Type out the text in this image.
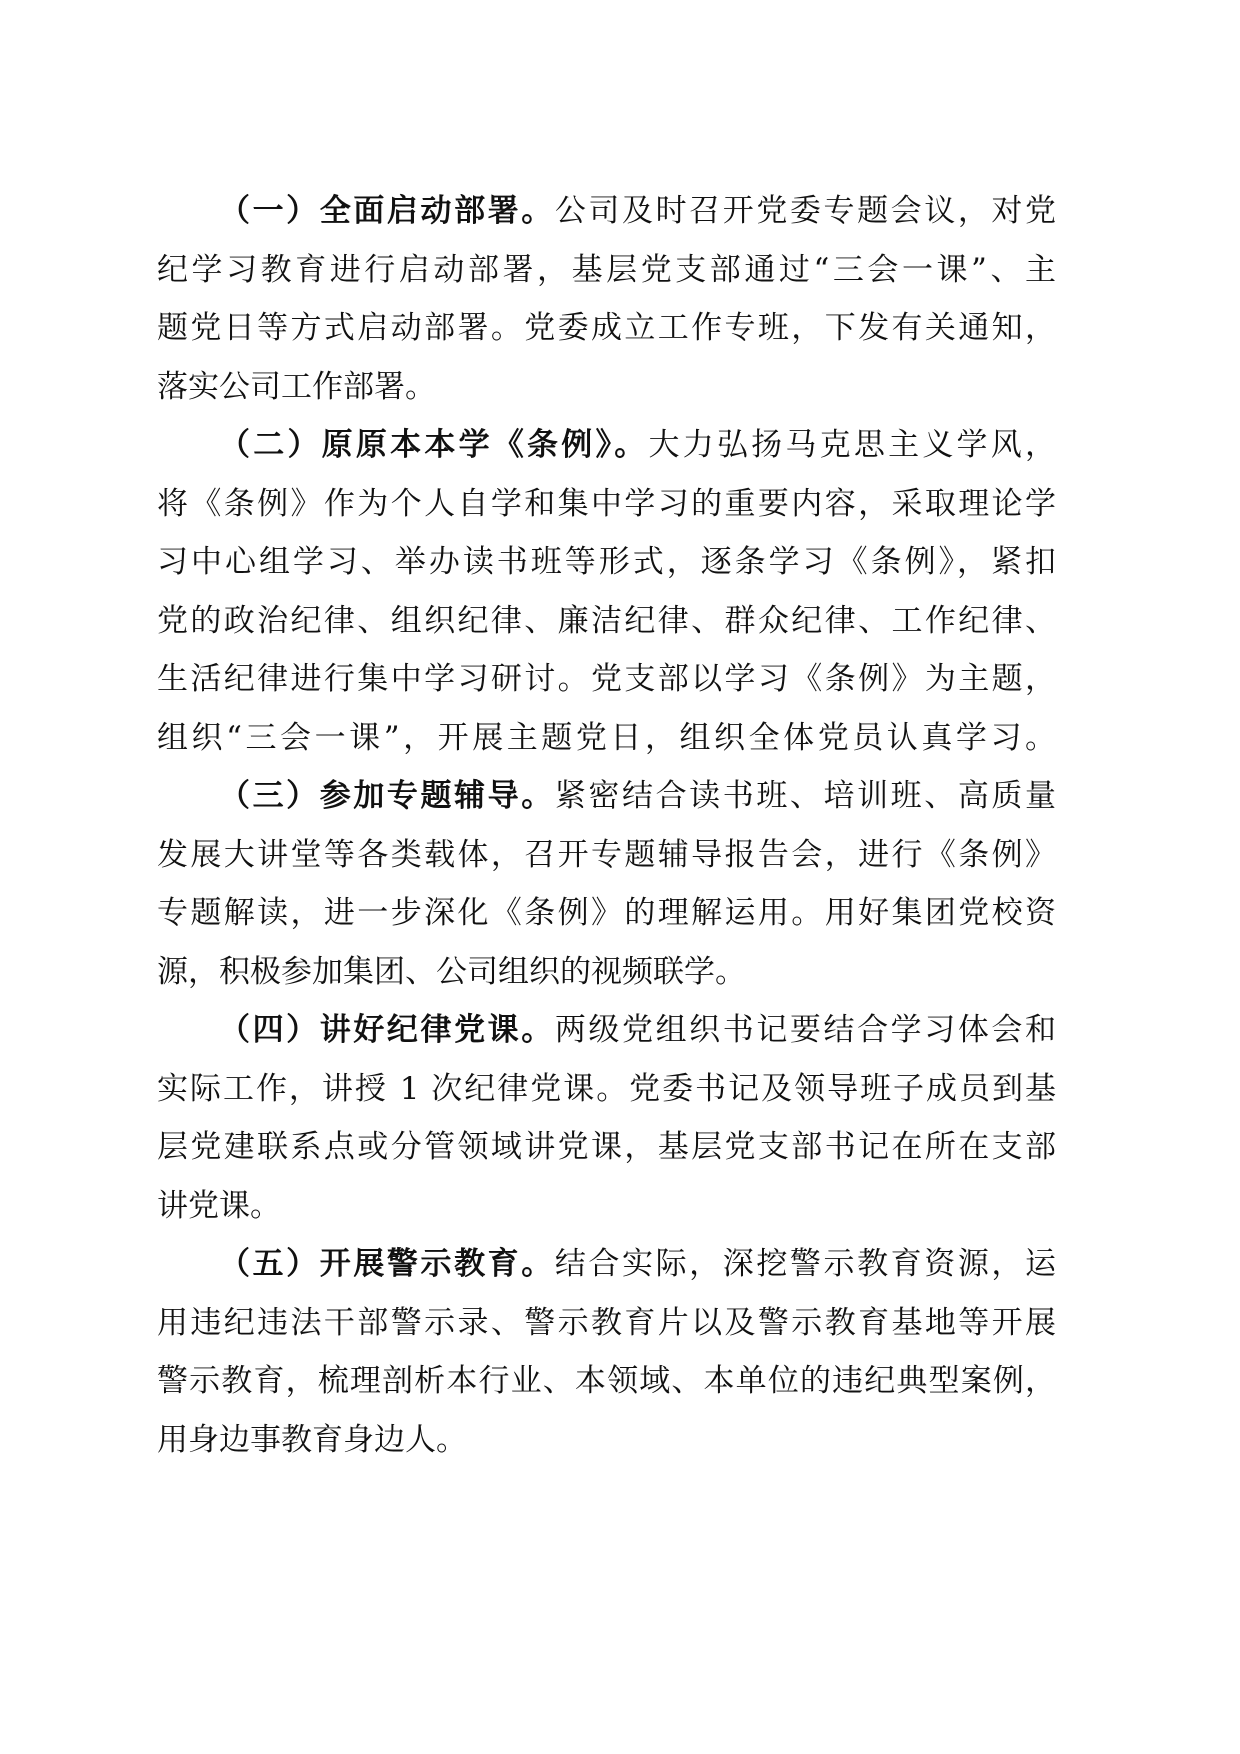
（一）全面启动部署。公司及时召开党委专题会议，对党
纪学习教育进行启动部署，基层党支部通过“三会一课”、主
题党日等方式启动部署。党委成立工作专班，下发有关通知，
落实公司工作部署。

（二）原原本本学《条例》。大力弘扬马克思主义学风，
将《条例》作为个人自学和集中学习的重要内容，采取理论学
习中心组学习、举办读书班等形式，逐条学习《条例》，紧扣
党的政治纪律、组织纪律、廉洁纪律、群众纪律、工作纪律、
生活纪律进行集中学习研讨。党支部以学习《条例》为主题，
组织“三会一课”，开展主题党日，组织全体党员认真学习。

（三）参加专题辅导。紧密结合读书班、培训班、高质量
发展大讲堂等各类载体，召开专题辅导报告会，进行《条例》
专题解读，进一步深化《条例》的理解运用。用好集团党校资
源，积极参加集团、公司组织的视频联学。

（四）讲好纪律党课。两级党组织书记要结合学习体会和
实际工作，讲授 1 次纪律党课。党委书记及领导班子成员到基
层党建联系点或分管领域讲党课，基层党支部书记在所在支部
讲党课。

（五）开展警示教育。结合实际，深挖警示教育资源，运
用违纪违法干部警示录、警示教育片以及警示教育基地等开展
警示教育，梳理剖析本行业、本领域、本单位的违纪典型案例，
用身边事教育身边人。
